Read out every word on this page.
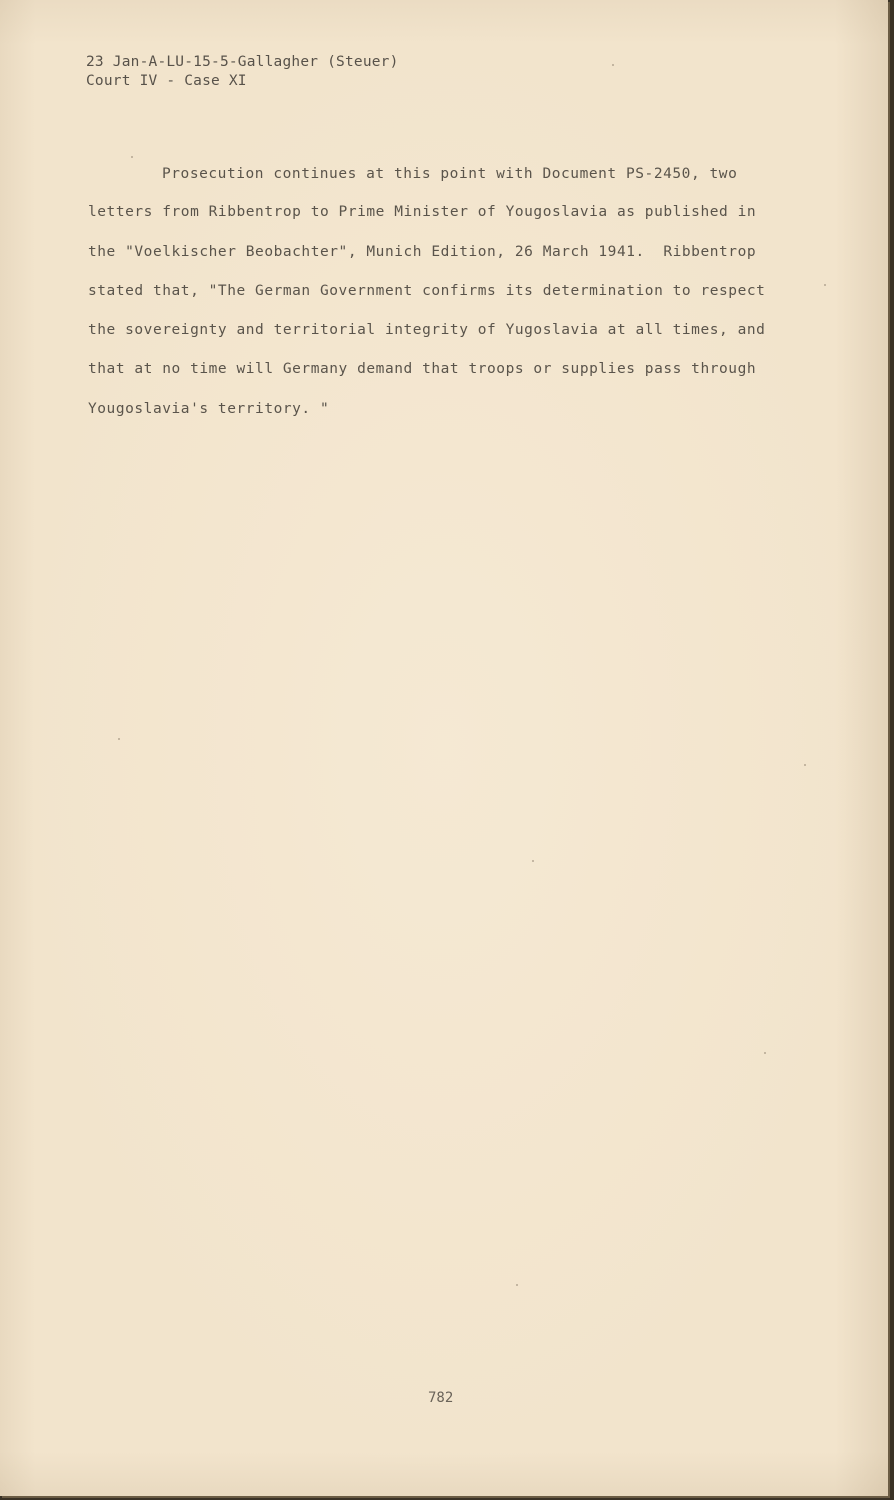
23 Jan-A-LU-15-5-Gallagher (Steuer)
Court IV - Case XI
Prosecution continues at this point with Document PS-2450, two
letters from Ribbentrop to Prime Minister of Yougoslavia as published in
the "Voelkischer Beobachter", Munich Edition, 26 March 1941.  Ribbentrop
stated that, "The German Government confirms its determination to respect
the sovereignty and territorial integrity of Yugoslavia at all times, and
that at no time will Germany demand that troops or supplies pass through
Yougoslavia's territory. "
782
